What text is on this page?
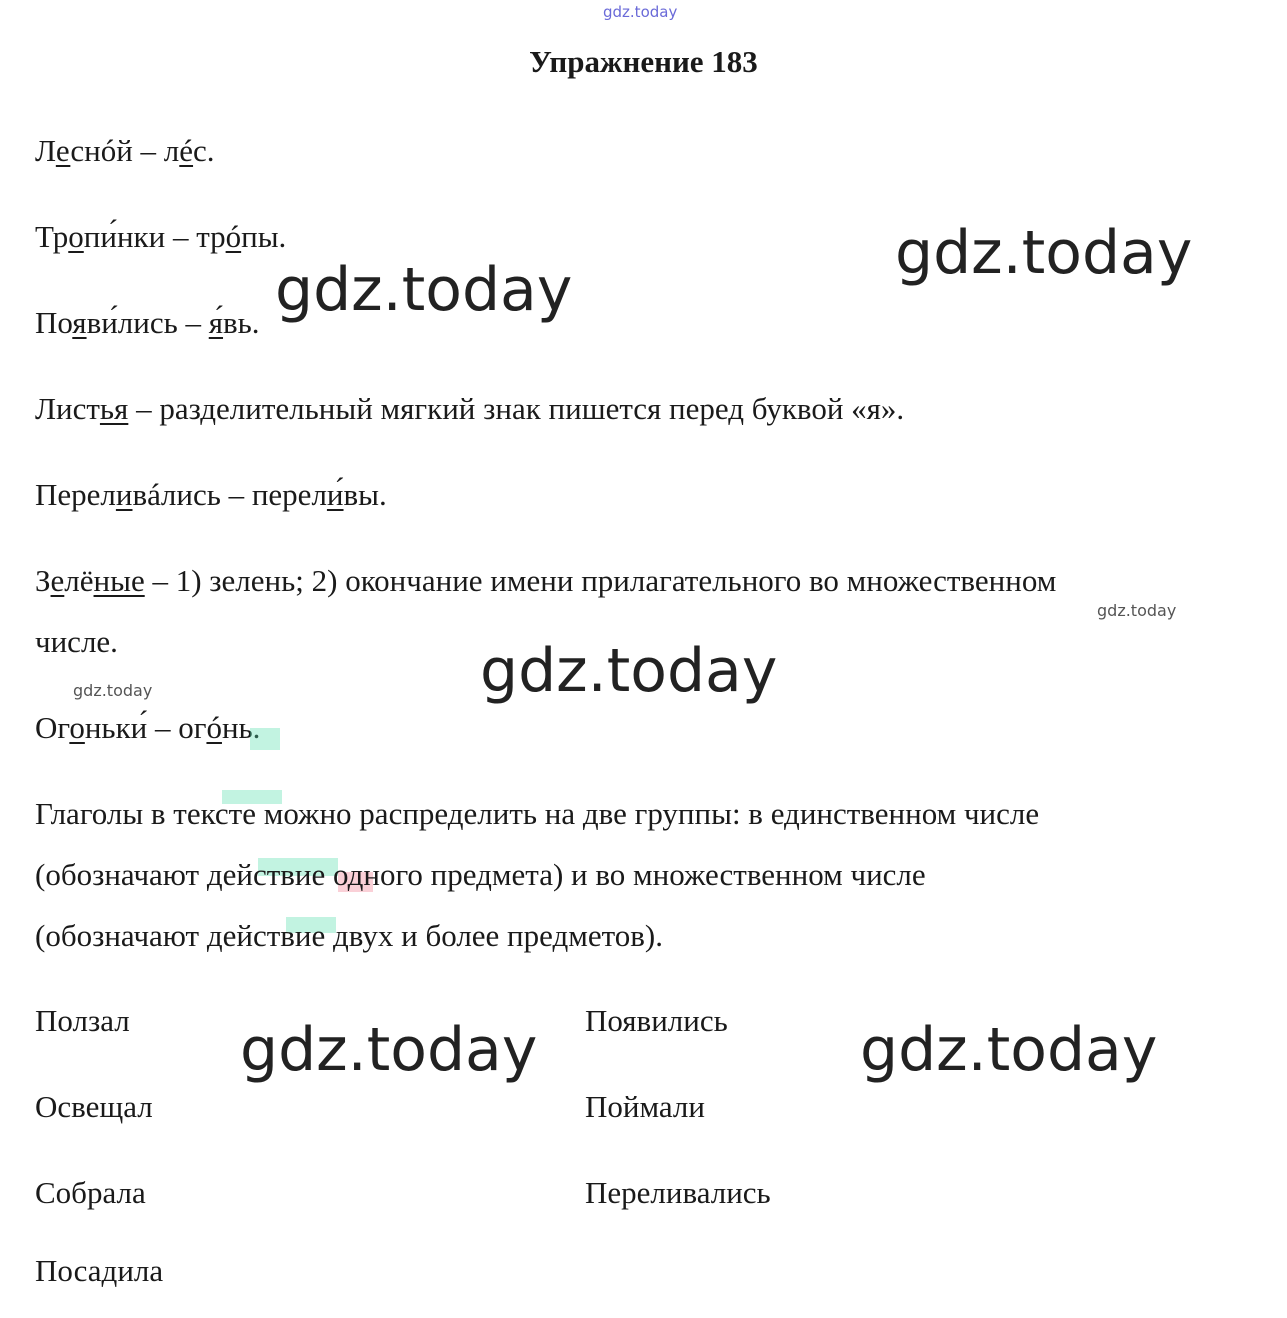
gdz.today
Упражнение 183
Леснóй – лéс.
Тропи́нки – трóпы.
Появи́лись – я́вь.
Листья – разделительный мягкий знак пишется перед буквой «я».
Переливáлись – перели́вы.
Зелёные – 1) зелень; 2) окончание имени прилагательного во множественном
числе.
Огоньки́ – огóнь.
Глаголы в тексте можно распределить на две группы: в единственном числе
(обозначают действие одного предмета) и во множественном числе
(обозначают действие двух и более предметов).
Ползал
Освещал
Собрала
Посадила
Появились
Поймали
Переливались
gdz.today
gdz.today
gdz.today
gdz.today	gdz.today
gdz.today
gdz.today
